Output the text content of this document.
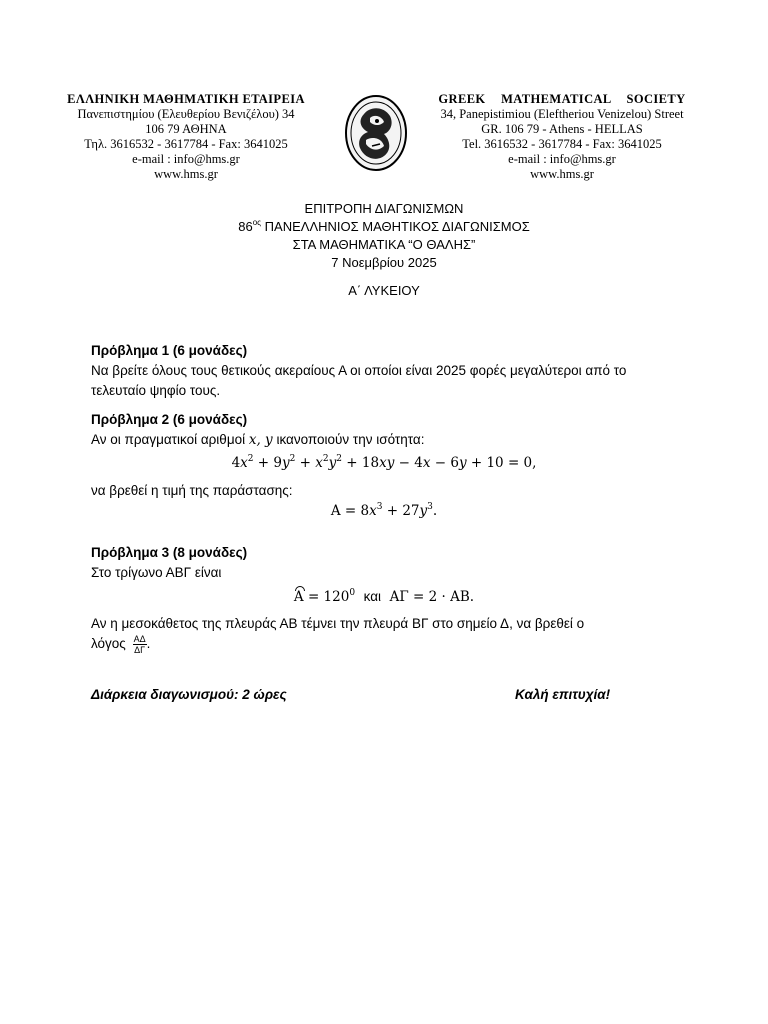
ΕΛΛΗΝΙΚΗ ΜΑΘΗΜΑΤΙΚΗ ΕΤΑΙΡΕΙΑ
Πανεπιστημίου (Ελευθερίου Βενιζέλου) 34
106 79 ΑΘΗΝΑ
Τηλ. 3616532 - 3617784 - Fax: 3641025
e-mail : info@hms.gr
www.hms.gr
GREEK MATHEMATICAL SOCIETY
34, Panepistimiou (Εleftheriou Venizelou) Street
GR. 106 79 - Athens - HELLAS
Tel. 3616532 - 3617784 - Fax: 3641025
e-mail : info@hms.gr
www.hms.gr
ΕΠΙΤΡΟΠΗ ΔΙΑΓΩΝΙΣΜΩΝ
$86^{o\varsigma}$ ΠΑΝΕΛΛΗΝΙΟΣ ΜΑΘΗΤΙΚΟΣ ΔΙΑΓΩΝΙΣΜΟΣ
ΣΤΑ ΜΑΘΗΜΑΤΙΚΑ “Ο ΘΑΛΗΣ”
7 Νοεμβρίου 2025
Α΄ ΛΥΚΕΙΟΥ
Πρόβλημα 1 (6 μονάδες)
Να βρείτε όλους τους θετικούς ακεραίους Α οι οποίοι είναι 2025 φορές μεγαλύτεροι από το τελευταίο ψηφίο τους.
Πρόβλημα 2 (6 μονάδες)
Αν οι πραγματικοί αριθμοί x, y ικανοποιούν την ισότητα:
$4x^2 + 9y^2 + x^2y^2 + 18xy - 4x - 6y + 10 = 0$,
να βρεθεί η τιμή της παράστασης:
$A = 8x^3 + 27y^3$.
Πρόβλημα 3 (8 μονάδες)
Στο τρίγωνο ΑΒΓ είναι
$A = 120^0$ και  ΑΓ = 2 · ΑΒ.
Αν η μεσοκάθετος της πλευράς ΑΒ τέμνει την πλευρά ΒΓ στο σημείο Δ, να βρεθεί ο
λόγος $\frac{A\Delta}{\Delta\Gamma}$ .
Διάρκεια διαγωνισμού: 2 ώρες	Καλή επιτυχία!
